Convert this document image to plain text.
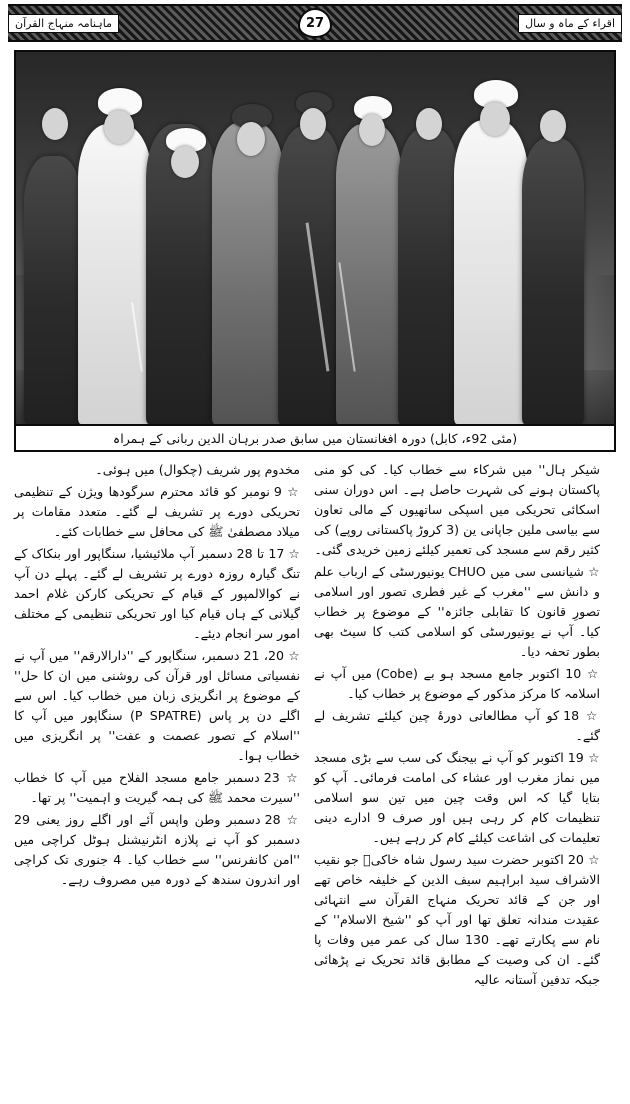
ماہنامہ منہاج القرآن	27	اقراء کے ماہ و سال
(مئی 92ء، کابل) دورہ افغانستان میں سابق صدر برہان الدین ربانی کے ہمراہ

مخدوم پور شریف (چکوال) میں ہوئی۔

☆ 9 نومبر کو قائد محترم سرگودھا ویژن کے تنظیمی تحریکی دورے پر تشریف لے گئے۔ متعدد مقامات پر میلاد مصطفیٰ ﷺ کی محافل سے خطابات کئے۔

☆ 17 تا 28 دسمبر آپ ملائیشیا، سنگاپور اور بنکاک کے تنگ گیارہ روزہ دورے پر تشریف لے گئے۔ پہلے دن آپ نے کوالالمپور کے قیام کے تحریکی کارکن غلام احمد گیلانی کے ہاں قیام کیا اور تحریکی تنظیمی کے مختلف امور سر انجام دیئے۔

☆ 20، 21 دسمبر، سنگاپور کے ''دارالارقم'' میں آپ نے نفسیاتی مسائل اور قرآن کی روشنی میں ان کا حل'' کے موضوع پر انگریزی زبان میں خطاب کیا۔ اس سے اگلے دن پر پاس (P SPATRE) سنگاپور میں آپ کا ''اسلام کے تصور عصمت و عفت'' پر انگریزی میں خطاب ہوا۔

☆ 23 دسمبر جامع مسجد الفلاح میں آپ کا خطاب ''سیرت محمد ﷺ کی ہمہ گیریت و اہمیت'' پر تھا۔

☆ 28 دسمبر وطن واپس آئے اور اگلے روز یعنی 29 دسمبر کو آپ نے پلازہ انٹرنیشنل ہوٹل کراچی میں ''امن کانفرنس'' سے خطاب کیا۔ 4 جنوری تک کراچی اور اندرون سندھ کے دورہ میں مصروف رہے۔

شیکر ہال'' میں شرکاء سے خطاب کیا۔ کی کو منی پاکستان ہونے کی شہرت حاصل ہے۔ اس دوران سنی اسکائی تحریکی میں اسپکی ساتھیوں کے مالی تعاون سے بیاسی ملین جاپانی ین (3 کروڑ پاکستانی روپے) کی کثیر رقم سے مسجد کی تعمیر کیلئے زمین خریدی گئی۔

☆ شیانسی سی میں CHUO یونیورسٹی کے ارباب علم و دانش سے ''مغرب کے غیر فطری تصور اور اسلامی تصورِ قانون کا تقابلی جائزہ'' کے موضوع پر خطاب کیا۔ آپ نے یونیورسٹی کو اسلامی کتب کا سیٹ بھی بطور تحفہ دیا۔

☆ 10 اکتوبر جامع مسجد ہو بے (Cobe) میں آپ نے اسلامہ کا مرکز مذکور کے موضوع پر خطاب کیا۔

☆ 18 کو آپ مطالعاتی دورۂ چین کیلئے تشریف لے گئے۔

☆ 19 اکتوبر کو آپ نے بیجنگ کی سب سے بڑی مسجد میں نماز مغرب اور عشاء کی امامت فرمائی۔ آپ کو بتایا گیا کہ اس وقت چین میں تین سو اسلامی تنظیمات کام کر رہی ہیں اور صرف 9 ادارے دینی تعلیمات کی اشاعت کیلئے کام کر رہے ہیں۔

☆ 20 اکتوبر حضرت سید رسول شاہ خاکیؒ جو نقیب الاشراف سید ابراہیم سیف الدین کے خلیفہ خاص تھے اور جن کے قائد تحریک منہاج القرآن سے انتہائی عقیدت مندانہ تعلق تھا اور آپ کو ''شیخ الاسلام'' کے نام سے پکارتے تھے۔ 130 سال کی عمر میں وفات پا گئے۔ ان کی وصیت کے مطابق قائد تحریک نے پڑھائی جبکہ تدفین آستانہ عالیہ
